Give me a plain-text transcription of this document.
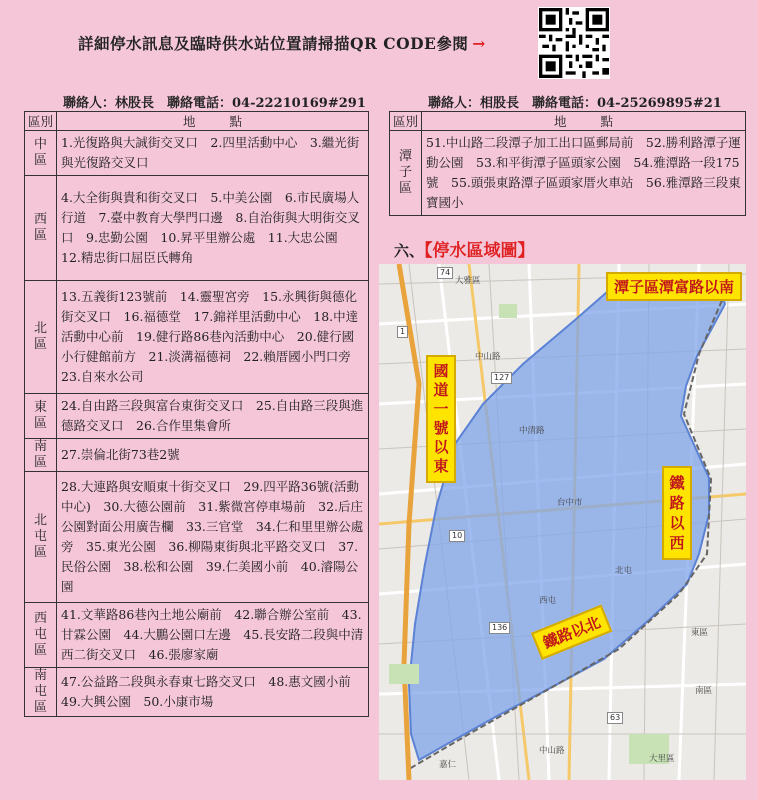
詳細停水訊息及臨時供水站位置請掃描QR CODE參閱 →
聯絡人：林股長　聯絡電話：04-22210169#291	聯絡人：相股長　聯絡電話：04-25269895#21
區別	地點

中
區	1.光復路與大誠街交叉口　2.四里活動中心　3.繼光街與光復路交叉口

西
區	4.大全街與貴和街交叉口　5.中美公園　6.市民廣場人行道　7.臺中教育大學門口邊　8.自治街與大明街交叉口　9.忠勤公園　10.昇平里辦公處　11.大忠公園　12.精忠街口屈臣氏轉角

北
區	13.五義街123號前　14.靈聖宮旁　15.永興街與德化街交叉口　16.福德堂　17.錦祥里活動中心　18.中達活動中心前　19.健行路86巷內活動中心　20.健行國小行健館前方　21.淡溝福德祠　22.賴厝國小門口旁　23.自來水公司

東
區	24.自由路三段與富台東街交叉口　25.自由路三段與進德路交叉口　26.合作里集會所

南
區	27.崇倫北街73巷2號

北
屯
區	28.大連路與安順東十街交叉口　29.四平路36號(活動中心)　30.大德公園前　31.紫微宮停車場前　32.后庄公園對面公用廣告欄　33.三官堂　34.仁和里里辦公處旁　35.東光公園　36.柳陽東街與北平路交叉口　37.民俗公園　38.松和公園　39.仁美國小前　40.濬陽公園

西
屯
區	41.文華路86巷內土地公廟前　42.聯合辦公室前　43.甘霖公園　44.大鵬公園口左邊　45.長安路二段與中清西二街交叉口　46.張廖家廟

南
屯
區	47.公益路二段與永春東七路交叉口　48.惠文國小前　49.大興公園　50.小康市場
區別	地點

潭
子
區	51.中山路二段潭子加工出口區郵局前　52.勝利路潭子運動公園　53.和平街潭子區頭家公園　54.雅潭路一段175號　55.頭張東路潭子區頭家厝火車站　56.雅潭路三段東寶國小
六、【停水區域圖】
潭子區潭富路以南
國道一號以東
鐵路以西
鐵路以北
74
127
136
63
1
10
大雅區
中山路
中清路
台中市
西屯
北屯
東區
南區
大里區
中山路
嘉仁
